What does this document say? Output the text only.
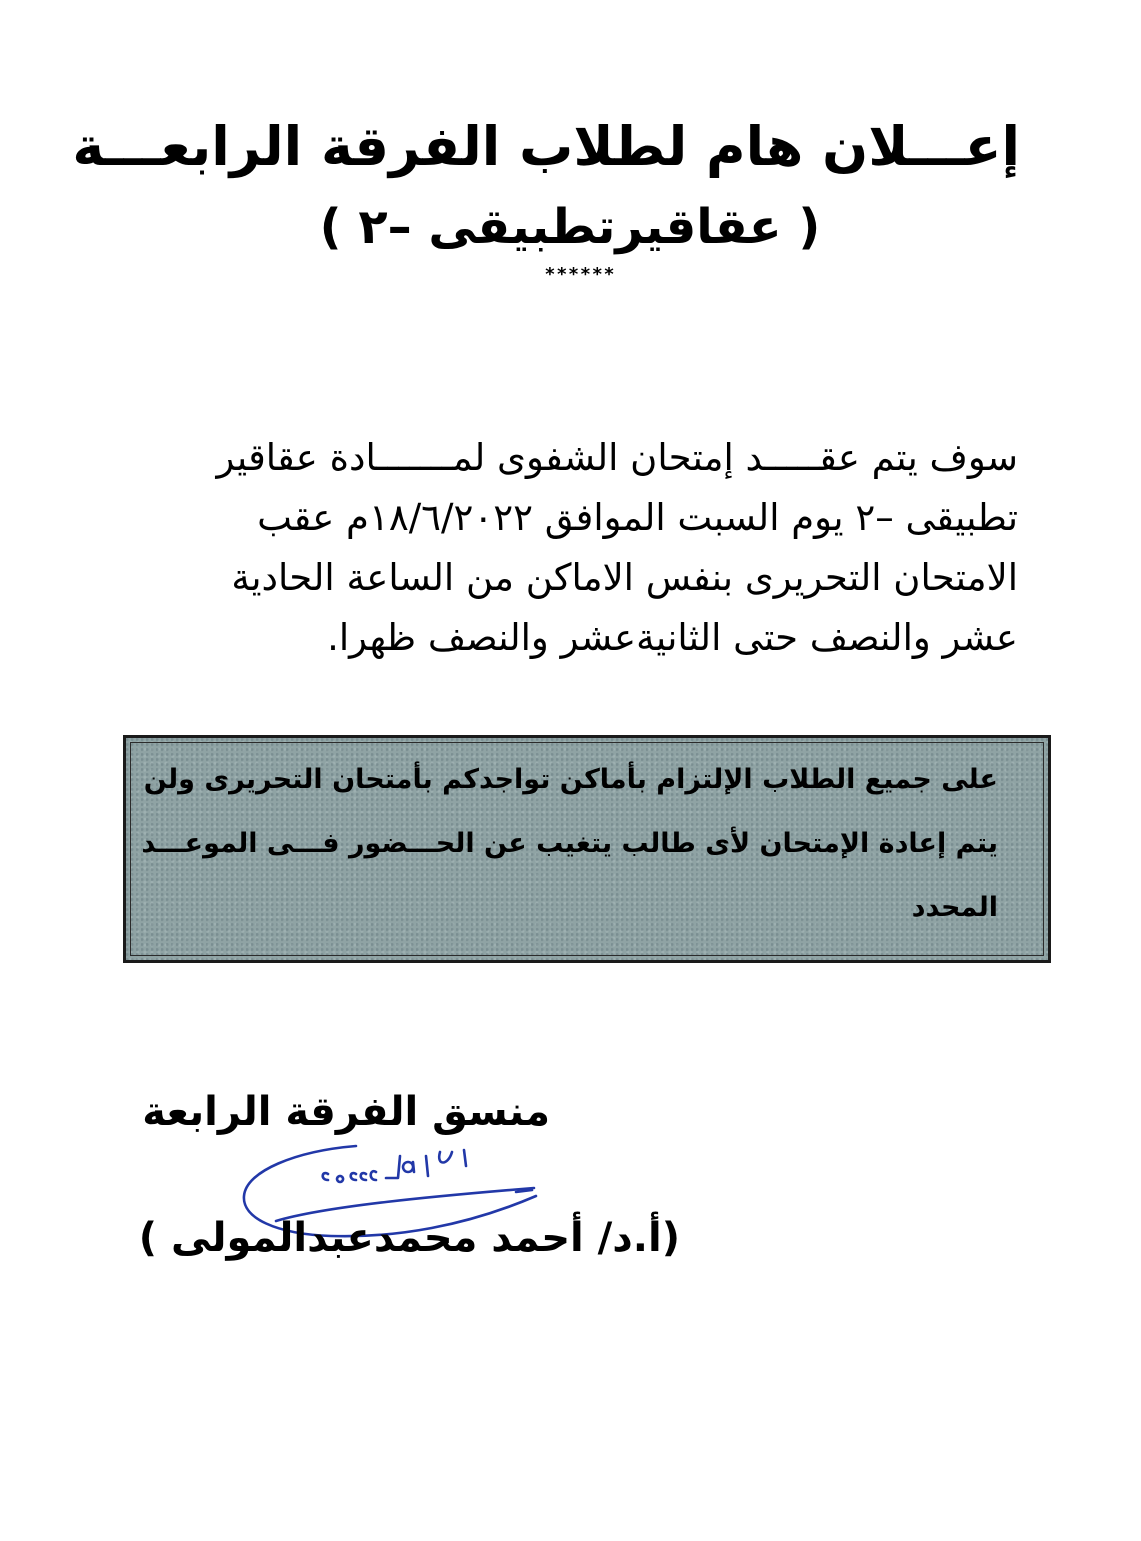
إعـــلان هام لطلاب الفرقة الرابعـــة
( عقاقيرتطبيقى –٢ )
******

سوف يتم عقـــــد إمتحان الشفوى لمـــــــادة عقاقير

تطبيقى –٢ يوم السبت الموافق ١٨/٦/٢٠٢٢م عقب

الامتحان التحريرى بنفس الاماكن من الساعة الحادية

عشر والنصف حتى الثانيةعشر والنصف ظهرا.

على جميع الطلاب الإلتزام بأماكن تواجدكم بأمتحان التحريرى ولن

يتم إعادة الإمتحان لأى طالب يتغيب عن الحـــضور فـــى الموعـــد

المحدد

منسق الفرقة الرابعة
(أ.د/ أحمد محمدعبدالمولى )
